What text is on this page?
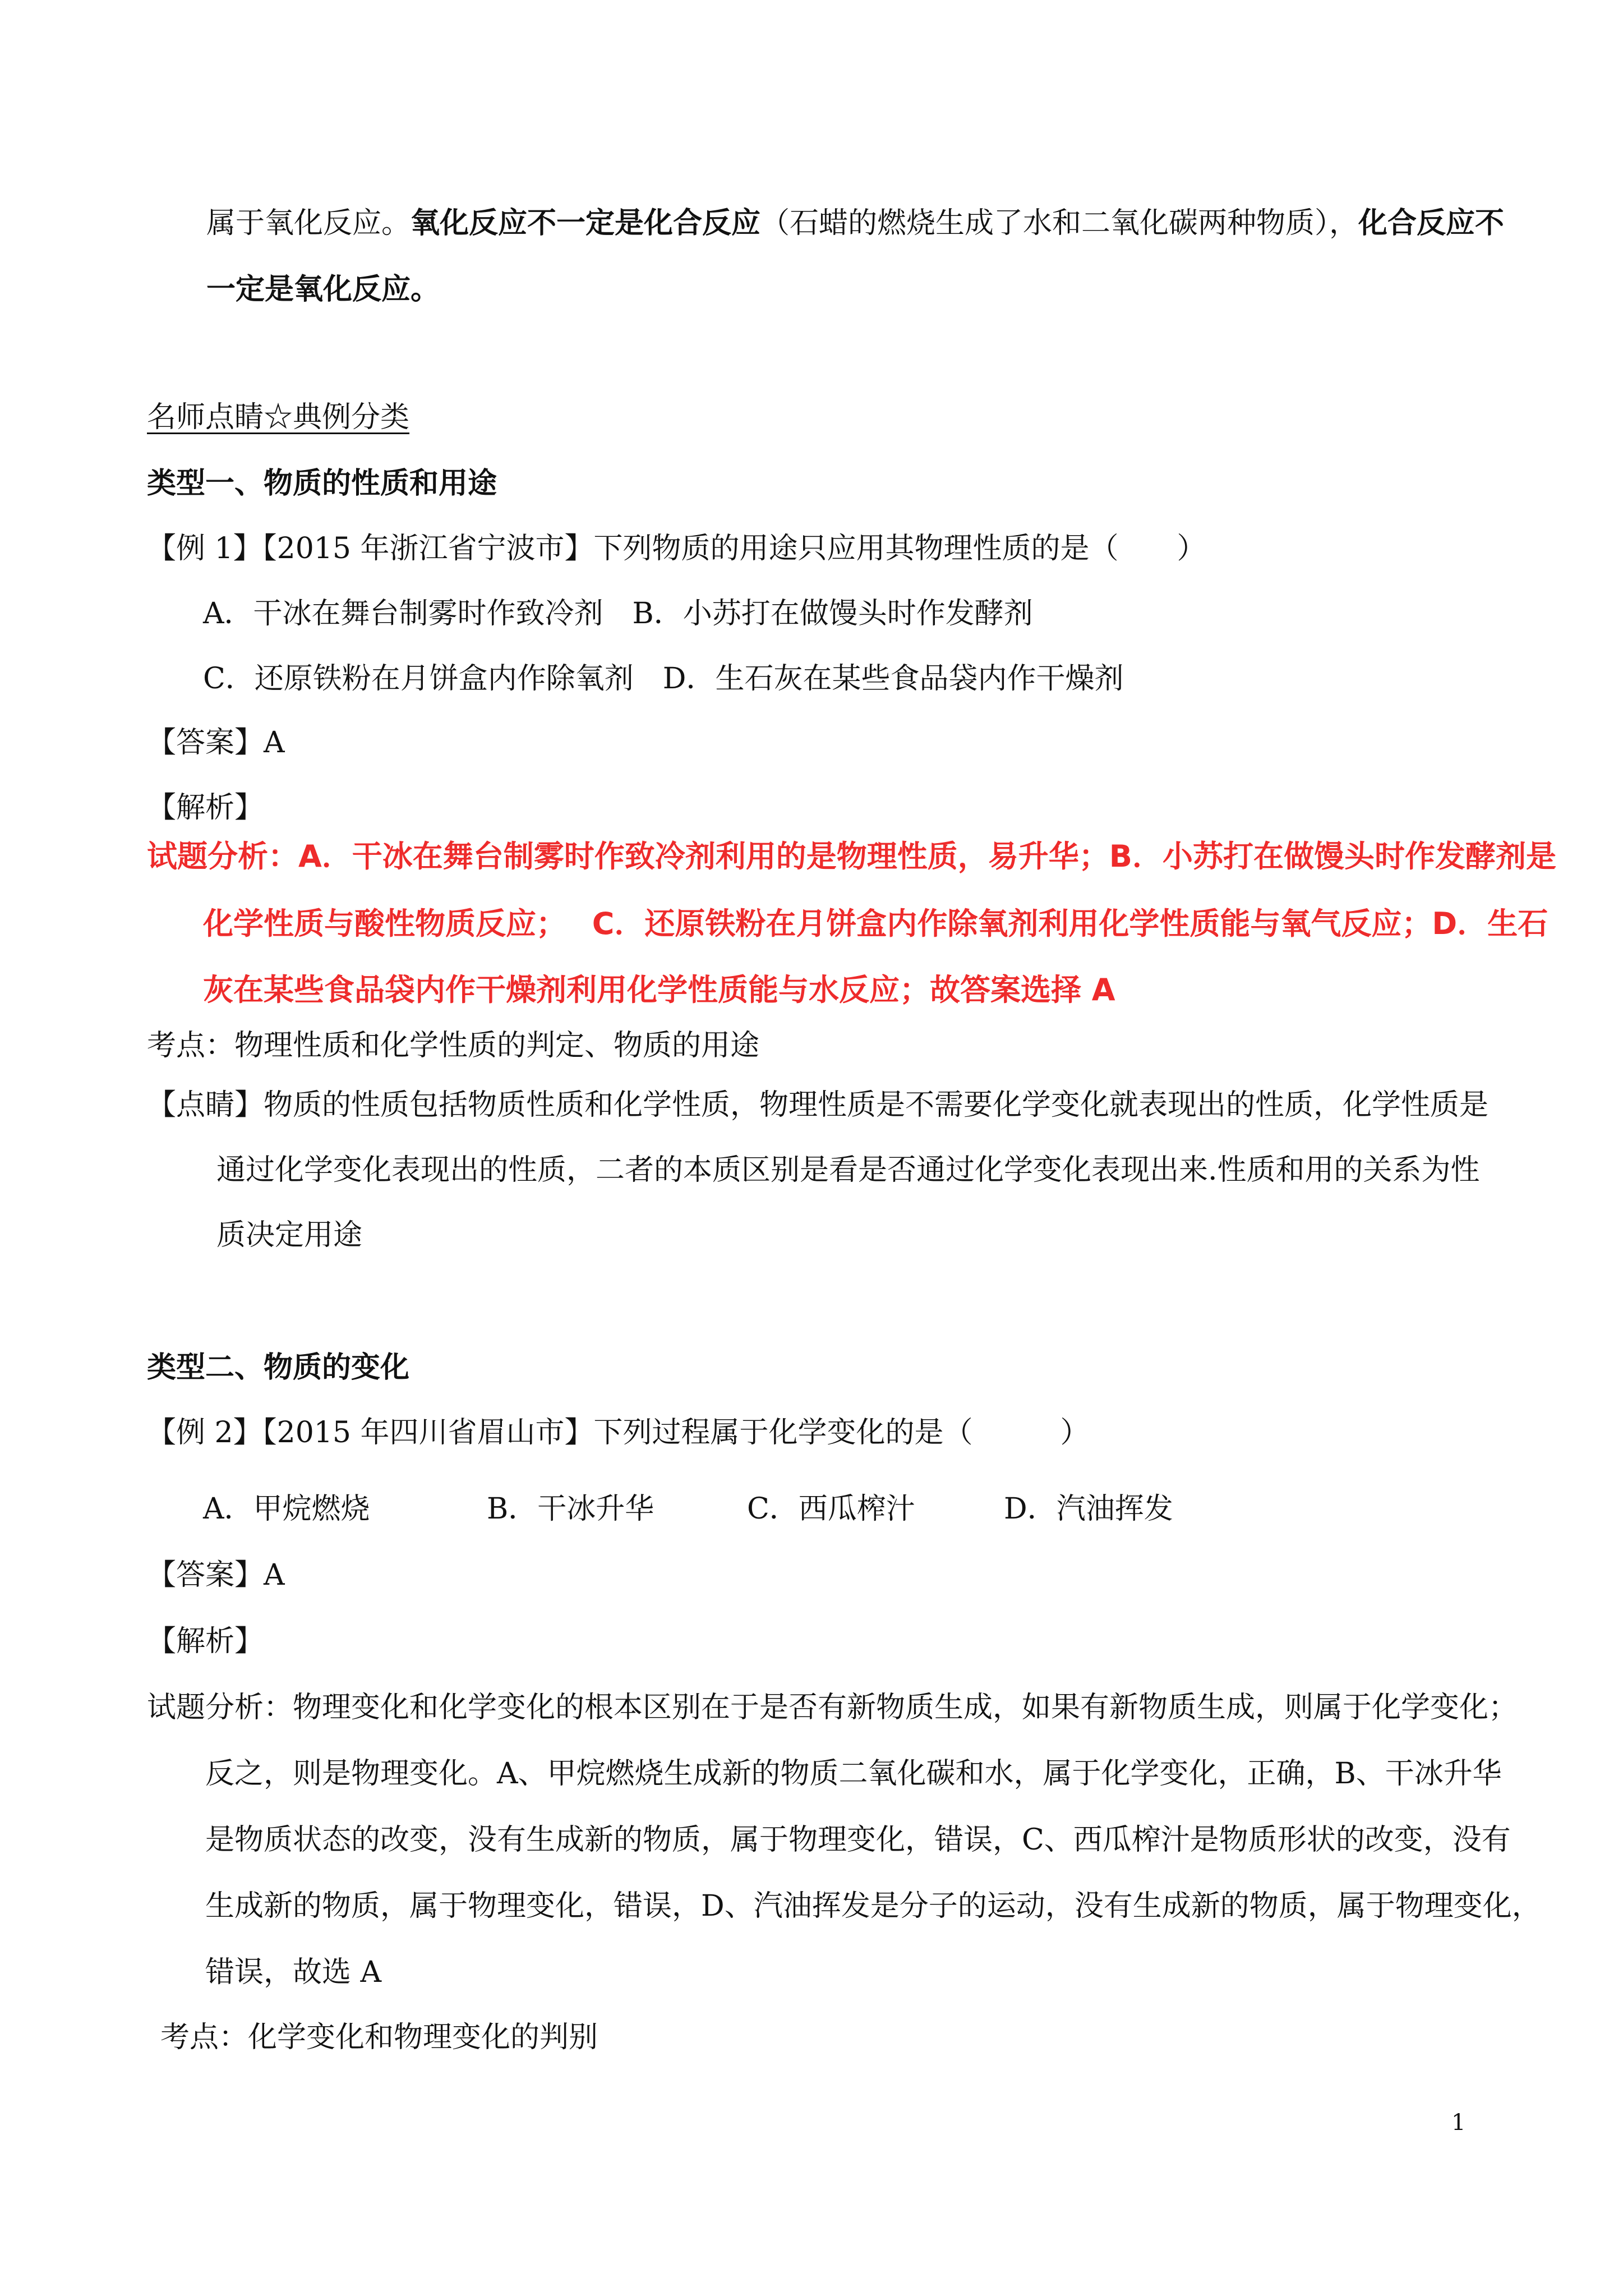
属于氧化反应。氧化反应不一定是化合反应（石蜡的燃烧生成了水和二氧化碳两种物质），化合反应不
一定是氧化反应。
名师点睛☆典例分类
类型一、物质的性质和用途
【例 1】【2015 年浙江省宁波市】下列物质的用途只应用其物理性质的是（　　）
A．干冰在舞台制雾时作致冷剂　B．小苏打在做馒头时作发酵剂
C．还原铁粉在月饼盒内作除氧剂　D．生石灰在某些食品袋内作干燥剂
【答案】A
【解析】
试题分析：A．干冰在舞台制雾时作致冷剂利用的是物理性质，易升华；B．小苏打在做馒头时作发酵剂是
化学性质与酸性物质反应；　 C．还原铁粉在月饼盒内作除氧剂利用化学性质能与氧气反应；D．生石
灰在某些食品袋内作干燥剂利用化学性质能与水反应；故答案选择 A
考点：物理性质和化学性质的判定、物质的用途
【点睛】物质的性质包括物质性质和化学性质，物理性质是不需要化学变化就表现出的性质，化学性质是
通过化学变化表现出的性质，二者的本质区别是看是否通过化学变化表现出来.性质和用的关系为性
质决定用途
类型二、物质的变化
【例 2】【2015 年四川省眉山市】下列过程属于化学变化的是（　　　）
A．甲烷燃烧	B．干冰升华	C．西瓜榨汁	D．汽油挥发
【答案】A
【解析】
试题分析：物理变化和化学变化的根本区别在于是否有新物质生成，如果有新物质生成，则属于化学变化；
反之，则是物理变化。A、甲烷燃烧生成新的物质二氧化碳和水，属于化学变化，正确，B、干冰升华
是物质状态的改变，没有生成新的物质，属于物理变化，错误，C、西瓜榨汁是物质形状的改变，没有
生成新的物质，属于物理变化，错误，D、汽油挥发是分子的运动，没有生成新的物质，属于物理变化，
错误，故选 A
考点：化学变化和物理变化的判别
1
